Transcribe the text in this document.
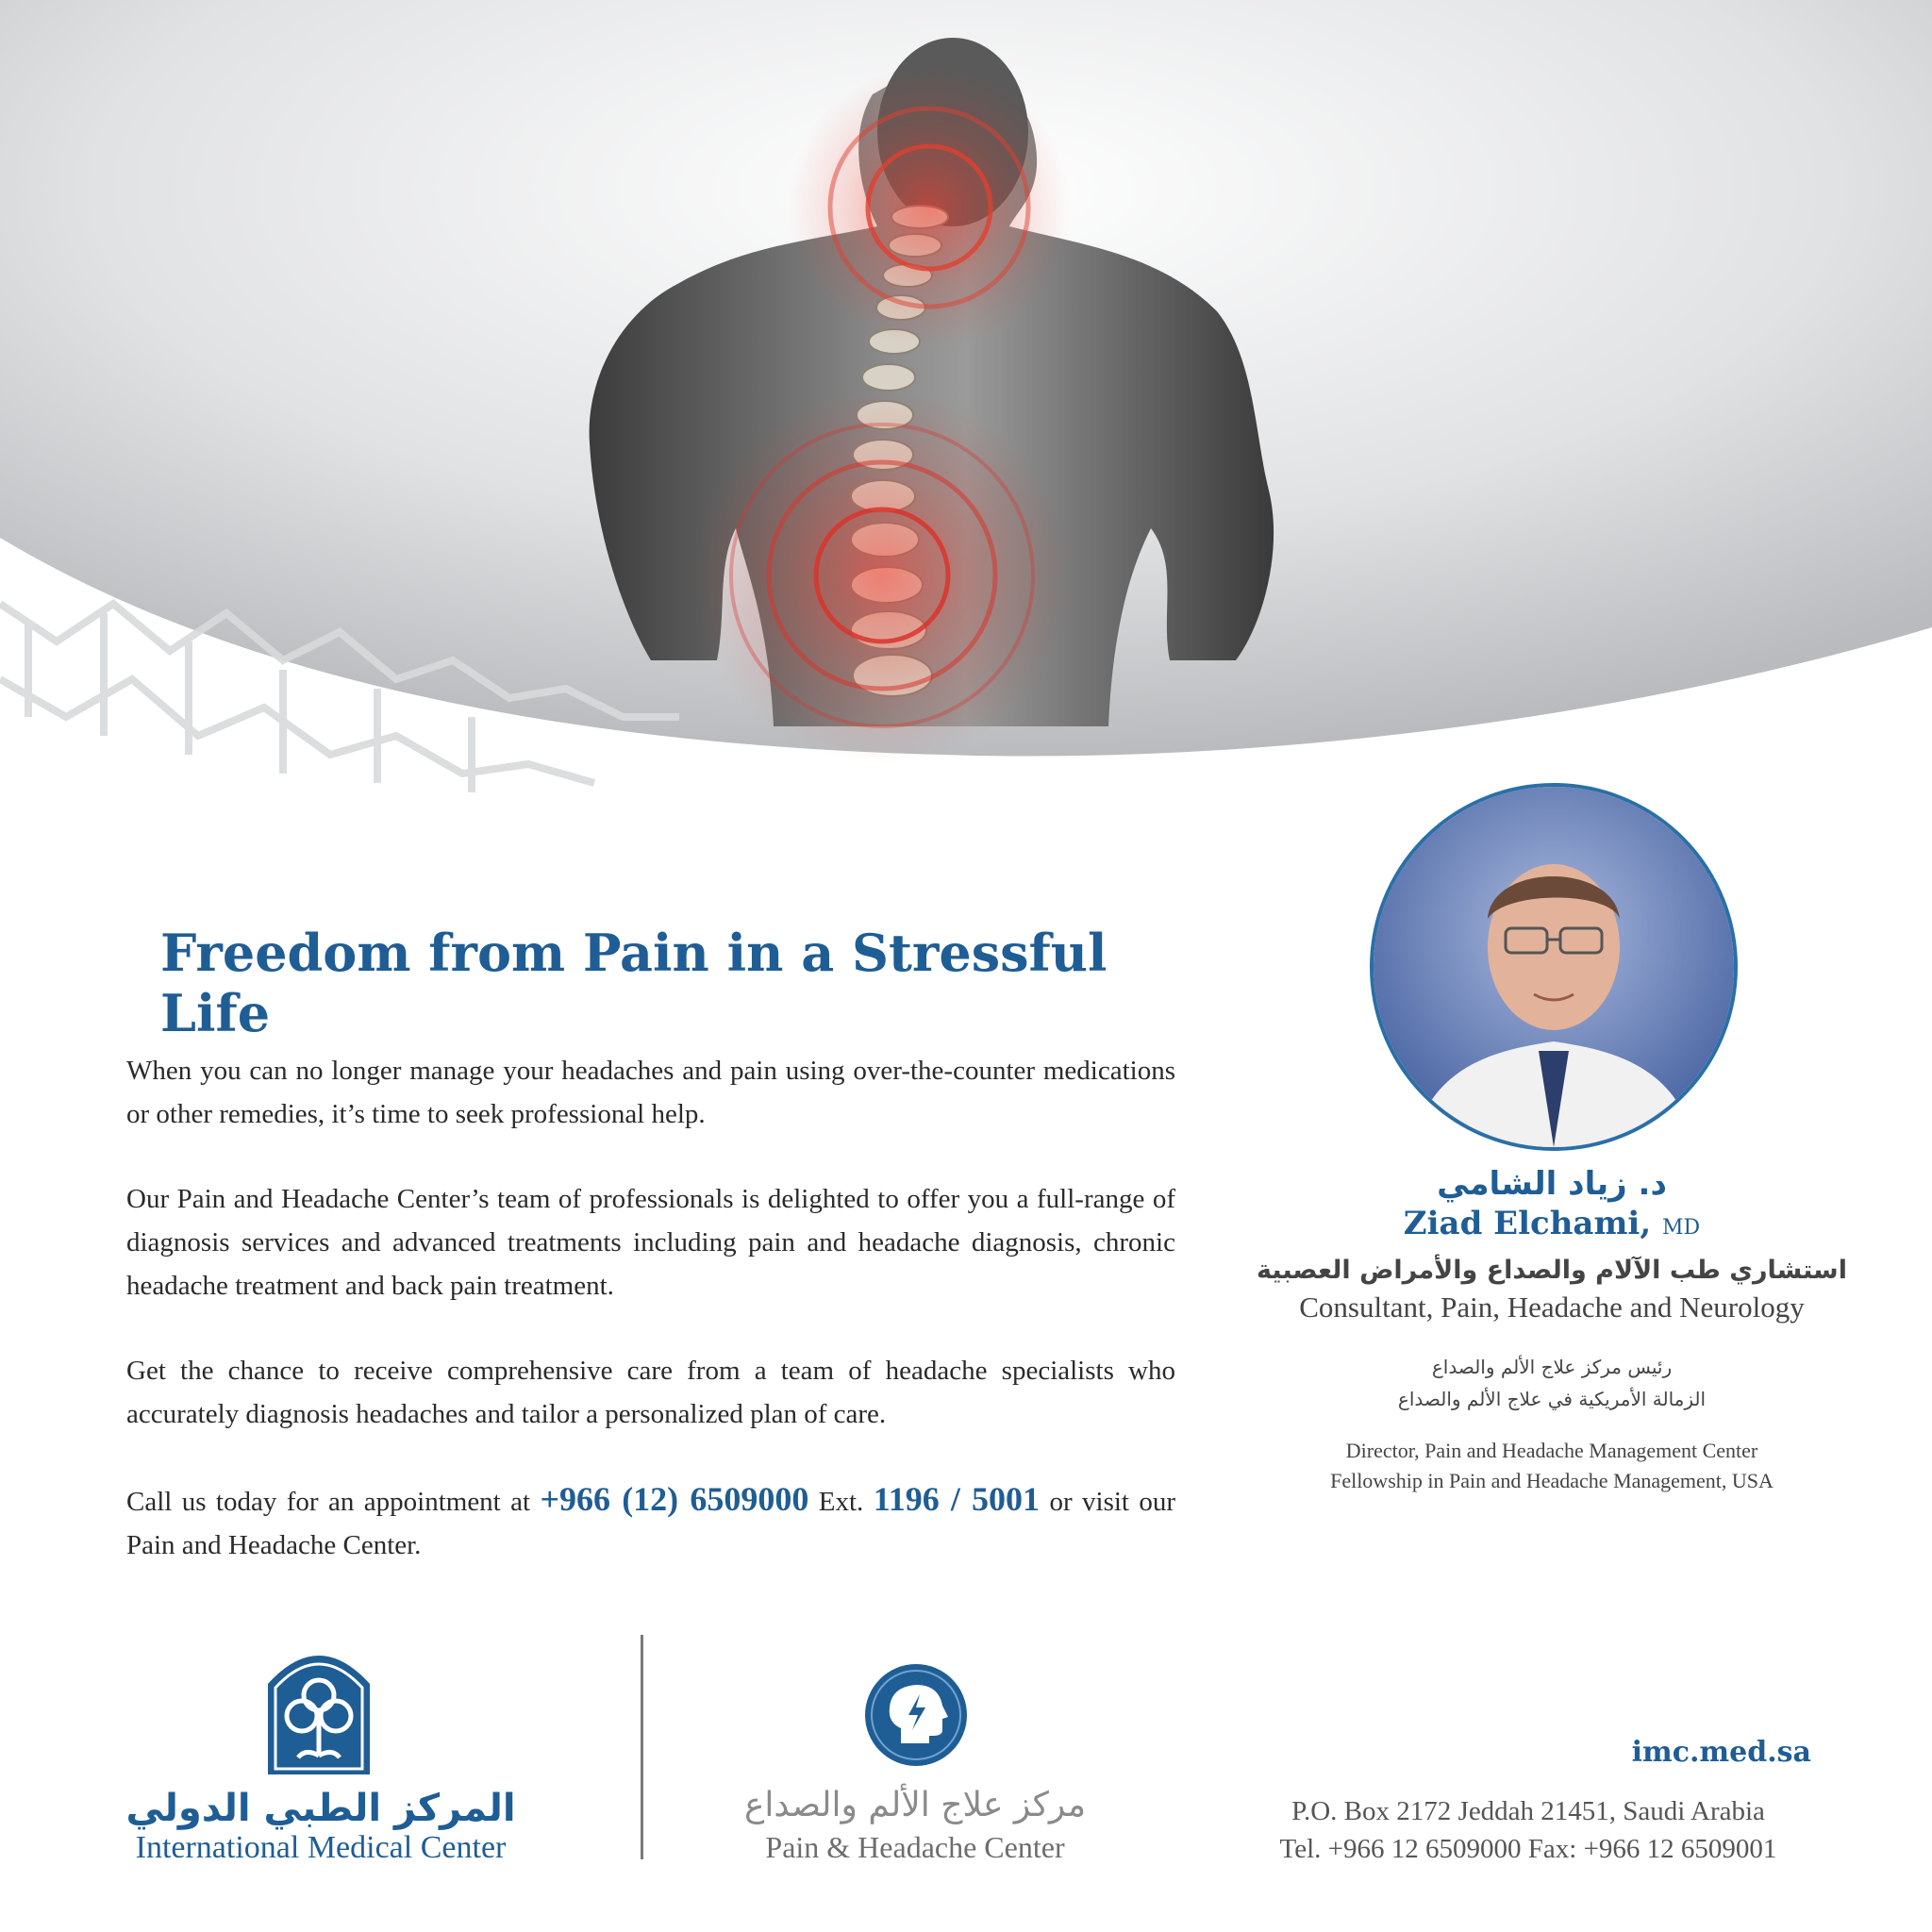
Freedom from Pain in a Stressful Life

When you can no longer manage your headaches and pain using over-the-counter medications or other remedies, it’s time to seek professional help.

Our Pain and Headache Center’s team of professionals is delighted to offer you a full-range of diagnosis services and advanced treatments including pain and headache diagnosis, chronic headache treatment and back pain treatment.

Get the chance to receive comprehensive care from a team of headache specialists who accurately diagnosis headaches and tailor a personalized plan of care.

Call us today for an appointment at +966 (12) 6509000 Ext. 1196 / 5001 or visit our Pain and Headache Center.

د. زياد الشامي
Ziad Elchami, MD
استشاري طب الآلام والصداع والأمراض العصبية
Consultant, Pain, Headache and Neurology
رئيس مركز علاج الألم والصداع
الزمالة الأمريكية في علاج الألم والصداع
Director, Pain and Headache Management Center
Fellowship in Pain and Headache Management, USA
المركز الطبي الدولي
International Medical Center
مركز علاج الألم والصداع
Pain & Headache Center
imc.med.sa
P.O. Box 2172 Jeddah 21451, Saudi Arabia
Tel. +966 12 6509000 Fax: +966 12 6509001
